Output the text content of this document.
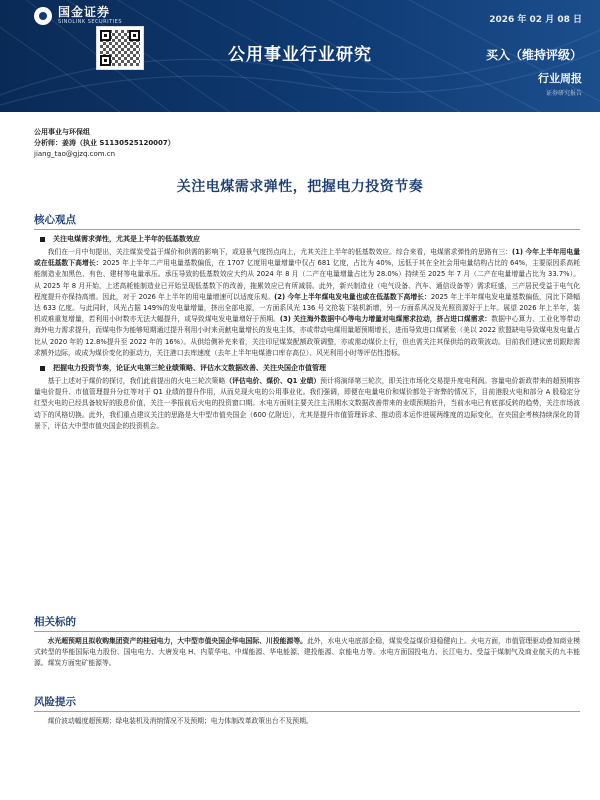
国金证券
SINOLINK SECURITIES	2026 年 02 月 08 日
公用事业行业研究	买入（维持评级）
行业周报
证券研究报告
公用事业与环保组
分析师：姜涛（执业 S1130525120007）
jiang_tao@gjzq.com.cn
关注电煤需求弹性，把握电力投资节奏
核心观点
关注电煤需求弹性，尤其是上半年的低基数效应
我们在一月中旬提出，关注煤炭受益于煤价和供需的影响下，或迎景气度拐点向上，尤其关注上半年的低基数效应。综合来看，电煤需求弹性的思路有三：(1) 今年上半年用电量或在低基数下高增长：2025 年上半年二产用电量基数偏低，在 1707 亿度用电量增量中仅占 681 亿度，占比为 40%，远低于其在全社会用电量结构占比的 64%，主要原因系高耗能制造业加黑色、有色、建材等电量承压。承压导致的低基数效应大约从 2024 年 8 月（二产在电量增量占比为 28.0%）持续至 2025 年 7 月（二产在电量增量占比为 33.7%）。从 2025 年 8 月开始，上述高耗能制造业已开始呈现低基数下的改善，拖累效应已有所减弱。此外，新兴制造业（电气设备、汽车、通信设备等）需求旺盛，三产居民受益于电气化程度提升亦保持高增。因此，对于 2026 年上半年的用电量增速可以适度乐观。(2) 今年上半年煤电发电量也或在低基数下高增长：2025 年上半年煤电发电量基数偏低，同比下降幅达 633 亿度。与此同时，风光占据 149%的发电量增量，挤出全部电源，一方面系风光 136 号文抢装下装机新增，另一方面系风况及光照资源好于上年。展望 2026 年上半年，装机或难重复增量，若利用小时数亦无法大幅提升，或导致煤电发电量增好于预期。(3) 关注海外数据中心等电力增量对电煤需求拉动，挤占进口煤需求：数据中心算力、工业化等带动海外电力需求提升，而煤电作为能够短期通过提升利用小时来贡献电量增长的发电主体，亦或带动电煤用量超预期增长，进而导致进口煤紧张（美以 2022 欧盟缺电导致煤电发电量占比从 2020 年的 12.8%提升至 2022 年的 16%）。从供给侧补充来看，关注印尼煤炭配额政策调整，亦或需动煤价上行，但也需关注其保供给的政策波动。目前我们建议密切跟踪需求额外边际，或成为煤价变化的驱动力，关注港口去库速度（去年上半年电煤港口库存高位）、风光利用小时等评估性指标。
把握电力投资节奏，论证火电第三轮业绩策略、评估水文数据改善、关注央国企市值管理
基于上述对于煤价的探讨，我们此前提出的火电三轮次策略（评估电价、煤价、Q1 业绩）预计将演绎第三轮次，即关注市场化交易提升度电利润。容量电价新政带来的超预期容量电价提升、市值管理提升分红等对于 Q1 业绩的提升作用，从而兑现火电的公用事业化。我们强调，即便在电量电价和煤价都处于寄弊的情况下，目前港股火电和部分 A 股稳定分红型火电的已经具备较好的股息价值，关注一季报前后火电的投资窗口期。水电方面则主要关注主汛期水文数据改善带来的业绩预期抬升，当前水电已有底部反转的趋势，关注市场波动下的风格切换。此外，我们重点建议关注的思路是大中型市值央国企（600 亿附近），尤其是提升市值管理诉求、推动资本运作进展两维度的边际变化，在央国企考核持续深化的背景下，评估大中型市值央国企的投资机会。
相关标的
水光超预期且拟收购集团资产的桂冠电力，大中型市值央国企华电国际、川投能源等。此外，水电火电底部企稳，煤炭受益煤价迎稳健向上。火电方面，市值管理驱动叠加商业模式转型的华能国际电力股份、国电电力、大唐发电 H、内蒙华电、中煤能源、华电能源、建投能源、京能电力等。水电方面国投电力、长江电力。受益于煤制气及商业航天的九丰能源。煤炭方面宪矿能源等。
风险提示
煤价波动幅度超预期；绿电装机及消纳情况不及预期；电力体制改革政策出台不及预期。
